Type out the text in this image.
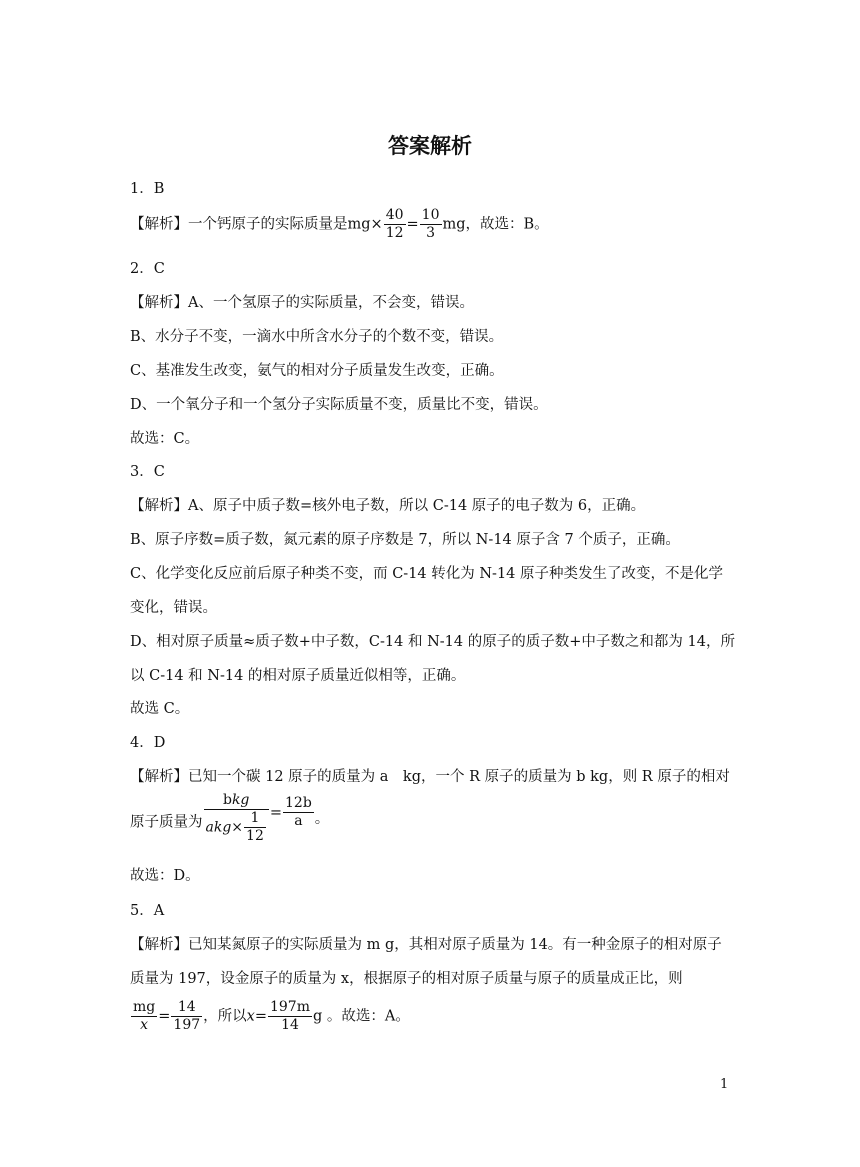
答案解析
1．B
【解析】一个钙原子的实际质量是$mg\times \frac{40}{12} = \frac{10}{3}$ mg，故选：B。
2．C
【解析】A、一个氢原子的实际质量，不会变，错误。
B、水分子不变，一滴水中所含水分子的个数不变，错误。
C、基准发生改变，氨气的相对分子质量发生改变，正确。
D、一个氧分子和一个氢分子实际质量不变，质量比不变，错误。
故选：C。
3．C
【解析】A、原子中质子数=核外电子数，所以 C-14 原子的电子数为 6，正确。
B、原子序数=质子数，氮元素的原子序数是 7，所以 N-14 原子含 7 个质子，正确。
C、化学变化反应前后原子种类不变，而 C-14 转化为 N-14 原子种类发生了改变，不是化学
变化，错误。
D、相对原子质量≈质子数+中子数，C-14 和 N-14 的原子的质子数+中子数之和都为 14，所
以 C-14 和 N-14 的相对原子质量近似相等，正确。
故选 C。
4．D
【解析】已知一个碳 12 原子的质量为 a　kg，一个 R 原子的质量为 b kg，则 R 原子的相对
原子质量为 $\frac{\text{bkg}}{akg\times \frac{1}{12}} = \frac{12b}{a}$ 。
故选：D。
5．A
【解析】已知某氮原子的实际质量为 m g，其相对原子质量为 14。有一种金原子的相对原子
质量为 197，设金原子的质量为 x，根据原子的相对原子质量与原子的质量成正比，则
$\frac{mg}{x} = \frac{14}{197}$ ，所以$x= \frac{197m}{14}$ g 。故选：A。
1
